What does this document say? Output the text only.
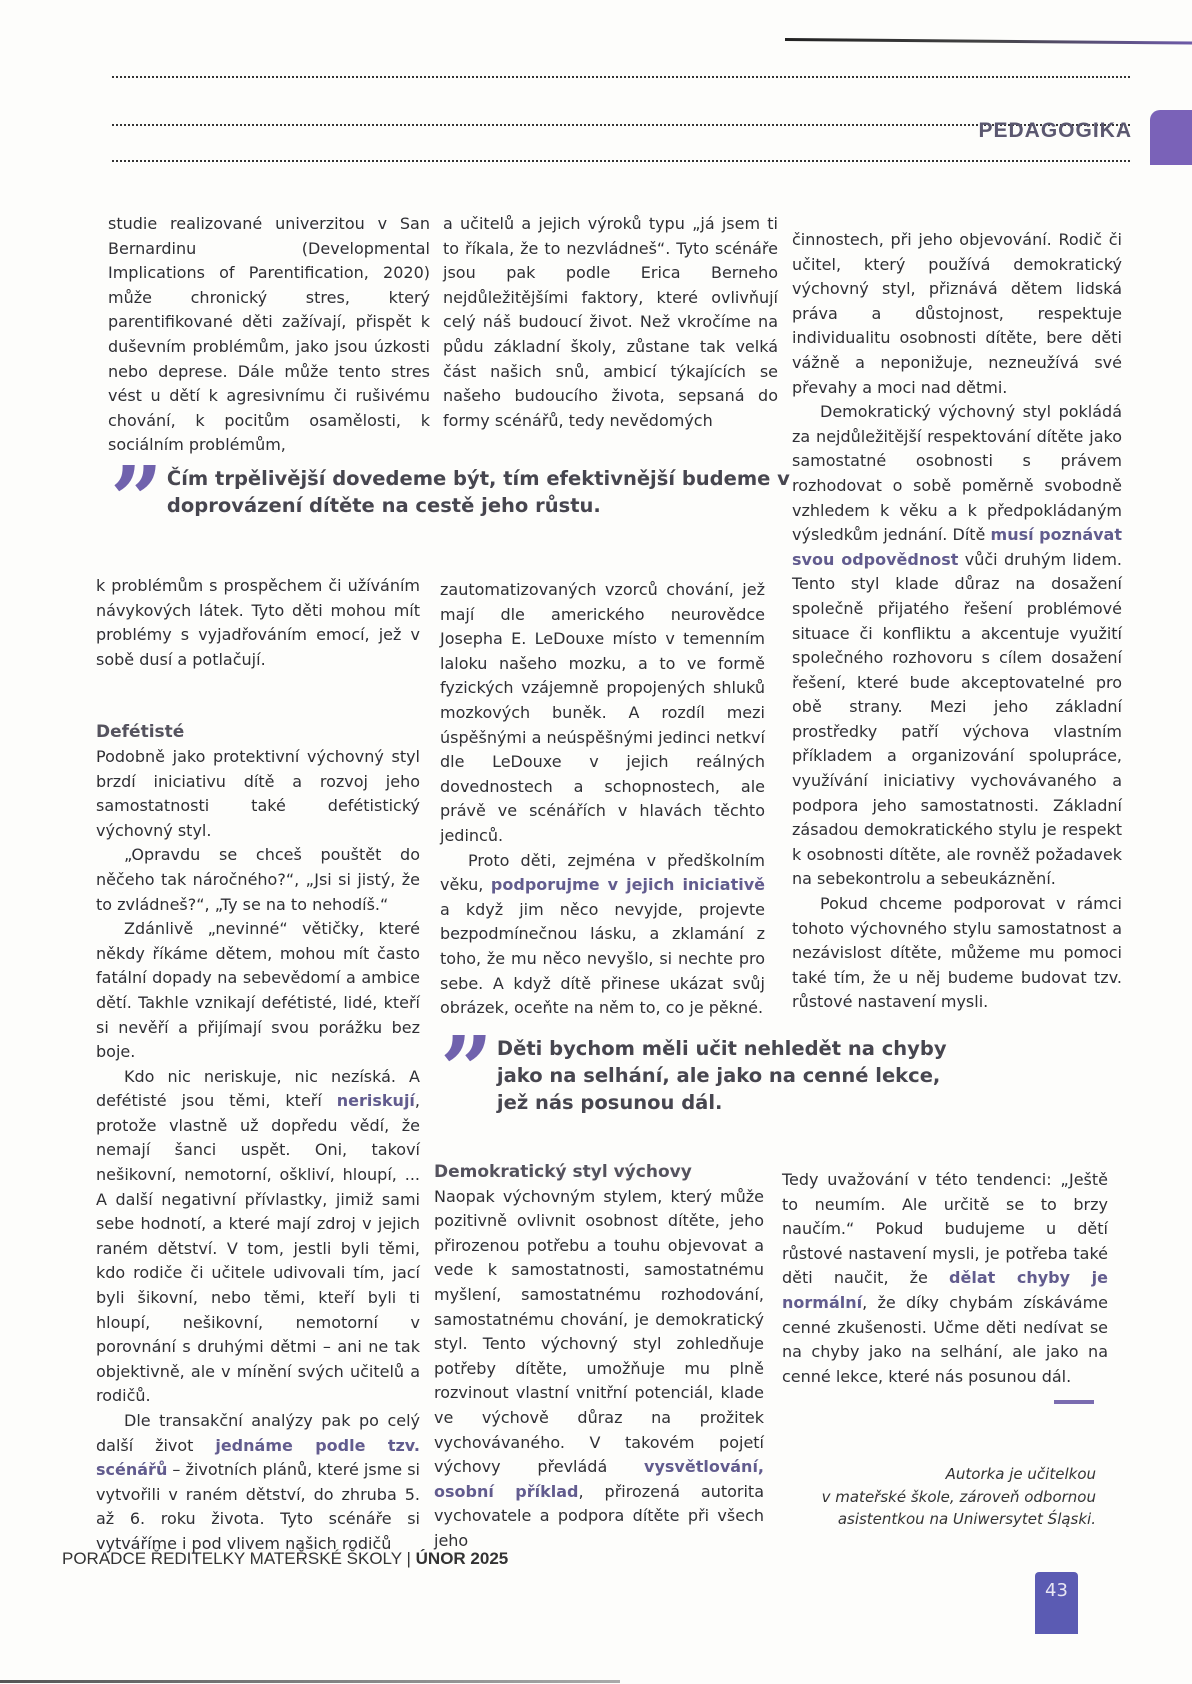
PEDAGOGIKA

studie realizované univerzitou v San Bernardinu (Developmental Implications of Parentification, 2020) může chronický stres, který parentifikované děti zažívají, přispět k duševním problémům, jako jsou úzkosti nebo deprese. Dále může tento stres vést u dětí k agresivnímu či rušivému chování, k pocitům osamělosti, k sociálním problémům,

a učitelů a jejich výroků typu „já jsem ti to říkala, že to nezvládneš“. Tyto scénáře jsou pak podle Erica Berneho nejdůležitějšími faktory, které ovlivňují celý náš budoucí život. Než vkročíme na půdu základní školy, zůstane tak velká část našich snů, ambicí týkajících se našeho budoucího života, sepsaná do formy scénářů, tedy nevědomých

” Čím trpělivější dovedeme být, tím efektivnější budeme v doprovázení dítěte na cestě jeho růstu.

k problémům s prospěchem či užíváním návykových látek. Tyto děti mohou mít problémy s vyjadřováním emocí, jež v sobě dusí a potlačují.

Defétisté

Podobně jako protektivní výchovný styl brzdí iniciativu dítě a rozvoj jeho samostatnosti také defétistický výchovný styl.

„Opravdu se chceš pouštět do něčeho tak náročného?“, „Jsi si jistý, že to zvládneš?“, „Ty se na to nehodíš.“

Zdánlivě „nevinné“ větičky, které někdy říkáme dětem, mohou mít často fatální dopady na sebevědomí a ambice dětí. Takhle vznikají defétisté, lidé, kteří si nevěří a přijímají svou porážku bez boje.

Kdo nic neriskuje, nic nezíská. A defétisté jsou těmi, kteří neriskují, protože vlastně už dopředu vědí, že nemají šanci uspět. Oni, takoví nešikovní, nemotorní, oškliví, hloupí, ... A další negativní přívlastky, jimiž sami sebe hodnotí, a které mají zdroj v jejich raném dětství. V tom, jestli byli těmi, kdo rodiče či učitele udivovali tím, jací byli šikovní, nebo těmi, kteří byli ti hloupí, nešikovní, nemotorní v porovnání s druhými dětmi – ani ne tak objektivně, ale v mínění svých učitelů a rodičů.

Dle transakční analýzy pak po celý další život jednáme podle tzv. scénářů – životních plánů, které jsme si vytvořili v raném dětství, do zhruba 5. až 6. roku života. Tyto scénáře si vytváříme i pod vlivem našich rodičů

zautomatizovaných vzorců chování, jež mají dle amerického neurovědce Josepha E. LeDouxe místo v temenním laloku našeho mozku, a to ve formě fyzických vzájemně propojených shluků mozkových buněk. A rozdíl mezi úspěšnými a neúspěšnými jedinci netkví dle LeDouxe v jejich reálných dovednostech a schopnostech, ale právě ve scénářích v hlavách těchto jedinců.

Proto děti, zejména v předškolním věku, podporujme v jejich iniciativě a když jim něco nevyjde, projevte bezpodmínečnou lásku, a zklamání z toho, že mu něco nevyšlo, si nechte pro sebe. A když dítě přinese ukázat svůj obrázek, oceňte na něm to, co je pěkné.

činnostech, při jeho objevování. Rodič či učitel, který používá demokratický výchovný styl, přiznává dětem lidská práva a důstojnost, respektuje individualitu osobnosti dítěte, bere děti vážně a neponižuje, nezneužívá své převahy a moci nad dětmi.

Demokratický výchovný styl pokládá za nejdůležitější respektování dítěte jako samostatné osobnosti s právem rozhodovat o sobě poměrně svobodně vzhledem k věku a k předpokládaným výsledkům jednání. Dítě musí poznávat svou odpovědnost vůči druhým lidem. Tento styl klade důraz na dosažení společně přijatého řešení problémové situace či konfliktu a akcentuje využití společného rozhovoru s cílem dosažení řešení, které bude akceptovatelné pro obě strany. Mezi jeho základní prostředky patří výchova vlastním příkladem a organizování spolupráce, využívání iniciativy vychovávaného a podpora jeho samostatnosti. Základní zásadou demokratického stylu je respekt k osobnosti dítěte, ale rovněž požadavek na sebekontrolu a sebeukáznění.

Pokud chceme podporovat v rámci tohoto výchovného stylu samostatnost a nezávislost dítěte, můžeme mu pomoci také tím, že u něj budeme budovat tzv. růstové nastavení mysli.

” Děti bychom měli učit nehledět na chyby jako na selhání, ale jako na cenné lekce, jež nás posunou dál.

Demokratický styl výchovy

Naopak výchovným stylem, který může pozitivně ovlivnit osobnost dítěte, jeho přirozenou potřebu a touhu objevovat a vede k samostatnosti, samostatnému myšlení, samostatnému rozhodování, samostatnému chování, je demokratický styl. Tento výchovný styl zohledňuje potřeby dítěte, umožňuje mu plně rozvinout vlastní vnitřní potenciál, klade ve výchově důraz na prožitek vychovávaného. V takovém pojetí výchovy převládá vysvětlování, osobní příklad, přirozená autorita vychovatele a podpora dítěte při všech jeho

Tedy uvažování v této tendenci: „Ještě to neumím. Ale určitě se to brzy naučím.“ Pokud budujeme u dětí růstové nastavení mysli, je potřeba také děti naučit, že dělat chyby je normální, že díky chybám získáváme cenné zkušenosti. Učme děti nedívat se na chyby jako na selhání, ale jako na cenné lekce, které nás posunou dál.

Autorka je učitelkou
v mateřské škole, zároveň odbornou
asistentkou na Uniwersytet Śląski.
PORADCE ŘEDITELKY MATEŘSKÉ ŠKOLY | ÚNOR 2025
43
